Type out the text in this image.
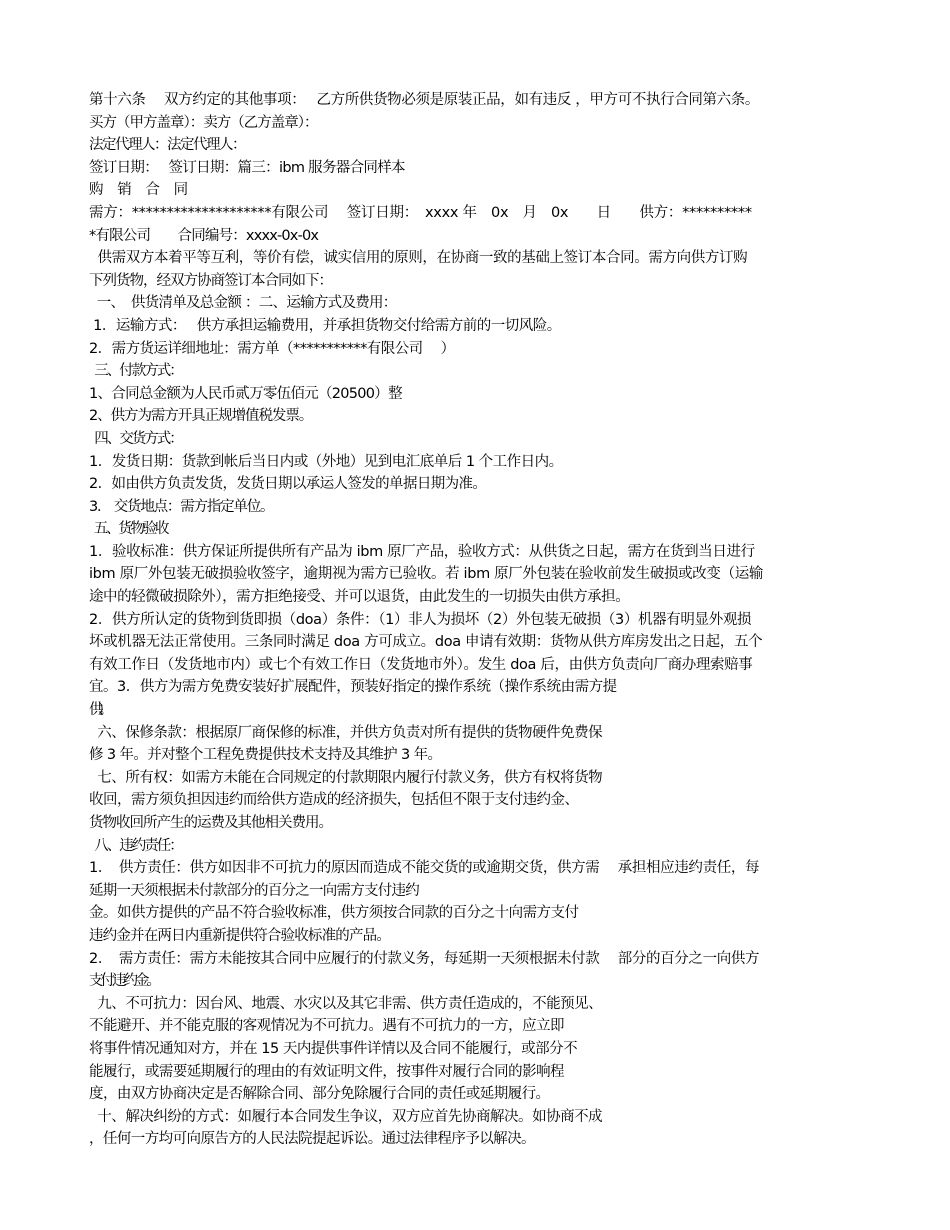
第十六条　 双方约定的其他事项：　 乙方所供货物必须是原装正品，如有违反 ，甲方可不执行合同第六条。
买方（甲方盖章）：卖方（乙方盖章）：
法定代理人：法定代理人：
签订日期：　 签订日期：篇三：ibm 服务器合同样本
购　 销　 合　 同
需方：********************有限公司　 签订日期：　xxxx 年　0x　月　0x　　日　　供方：**********
*有限公司　　合同编号：xxxx-0x-0x
供需双方本着平等互利，等价有偿，诚实信用的原则，在协商一致的基础上签订本合同。需方向供方订购
下列货物，经双方协商签订本合同如下：
一、　供货清单及总金额 ：二、运输方式及费用：
1．运输方式：　 供方承担运输费用，并承担货物交付给需方前的一切风险。
2．需方货运详细地址：需方单（***********有限公司　 ）
三、付款方式：
1、合同总金额为人民币贰万零伍佰元（20500）整
2、供方为需方开具正规增值税发票。
四、交货方式：
1．发货日期：货款到帐后当日内或（外地）见到电汇底单后 1 个工作日内。
2．如由供方负责发货，发货日期以承运人签发的单据日期为准。
3． 交货地点：需方指定单位。
五、货物验收
1．验收标准：供方保证所提供所有产品为 ibm 原厂产品，验收方式：从供货之日起，需方在货到当日进行
ibm 原厂外包装无破损验收签字，逾期视为需方已验收。若 ibm 原厂外包装在验收前发生破损或改变（运输
途中的轻微破损除外），需方拒绝接受、并可以退货，由此发生的一切损失由供方承担。
2．供方所认定的货物到货即损（doa）条件：（1）非人为损坏（2）外包装无破损（3）机器有明显外观损
坏或机器无法正常使用。三条同时满足 doa 方可成立。doa 申请有效期：货物从供方库房发出之日起，五个
有效工作日（发货地市内）或七个有效工作日（发货地市外）。发生 doa 后，由供方负责向厂商办理索赔事
宜。3．供方为需方免费安装好扩展配件，预装好指定的操作系统（操作系统由需方提
供）。
六、保修条款：根据原厂商保修的标准，并供方负责对所有提供的货物硬件免费保
修 3 年。并对整个工程免费提供技术支持及其维护 3 年。
七、所有权：如需方未能在合同规定的付款期限内履行付款义务，供方有权将货物
收回，需方须负担因违约而给供方造成的经济损失，包括但不限于支付违约金、
货物收回所产生的运费及其他相关费用。
八、违约责任：
1．　供方责任：供方如因非不可抗力的原因而造成不能交货的或逾期交货，供方需　 承担相应违约责任，每
延期一天须根据未付款部分的百分之一向需方支付违约
金。如供方提供的产品不符合验收标准，供方须按合同款的百分之十向需方支付
违约金并在两日内重新提供符合验收标准的产品。
2．　需方责任：需方未能按其合同中应履行的付款义务，每延期一天须根据未付款　 部分的百分之一向供方
支付违约金。
九、不可抗力：因台风、地震、水灾以及其它非需、供方责任造成的，不能预见、
不能避开、并不能克服的客观情况为不可抗力。遇有不可抗力的一方，应立即
将事件情况通知对方，并在 15 天内提供事件详情以及合同不能履行，或部分不
能履行，或需要延期履行的理由的有效证明文件，按事件对履行合同的影响程
度，由双方协商决定是否解除合同、部分免除履行合同的责任或延期履行。
十、解决纠纷的方式：如履行本合同发生争议，双方应首先协商解决。如协商不成
，任何一方均可向原告方的人民法院提起诉讼。通过法律程序予以解决。
